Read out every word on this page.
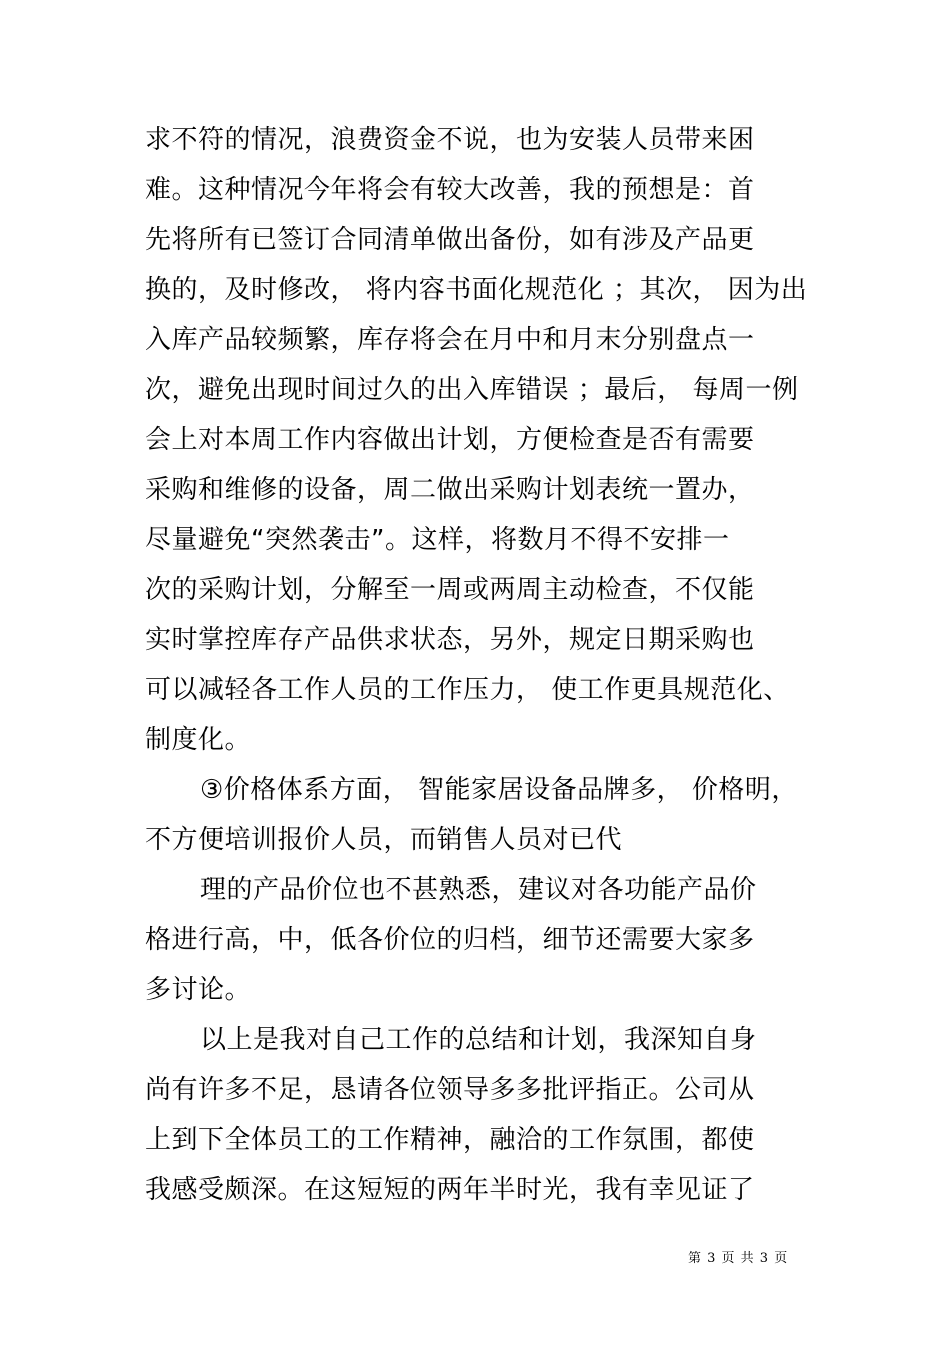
求不符的情况，浪费资金不说，也为安装人员带来困
难。这种情况今年将会有较大改善，我的预想是：首
先将所有已签订合同清单做出备份，如有涉及产品更
换的，及时修改， 将内容书面化规范化 ；其次， 因为出
入库产品较频繁，库存将会在月中和月末分别盘点一
次，避免出现时间过久的出入库错误 ；最后， 每周一例
会上对本周工作内容做出计划，方便检查是否有需要
采购和维修的设备，周二做出采购计划表统一置办，
尽量避免“突然袭击”。这样，将数月不得不安排一
次的采购计划，分解至一周或两周主动检查，不仅能
实时掌控库存产品供求状态，另外，规定日期采购也
可以减轻各工作人员的工作压力， 使工作更具规范化、
制度化。
③价格体系方面， 智能家居设备品牌多， 价格明，
不方便培训报价人员，而销售人员对已代
理的产品价位也不甚熟悉，建议对各功能产品价
格进行高，中，低各价位的归档，细节还需要大家多
多讨论。
以上是我对自己工作的总结和计划，我深知自身
尚有许多不足，恳请各位领导多多批评指正。公司从
上到下全体员工的工作精神，融洽的工作氛围，都使
我感受颇深。在这短短的两年半时光，我有幸见证了
第 3 页 共 3 页
